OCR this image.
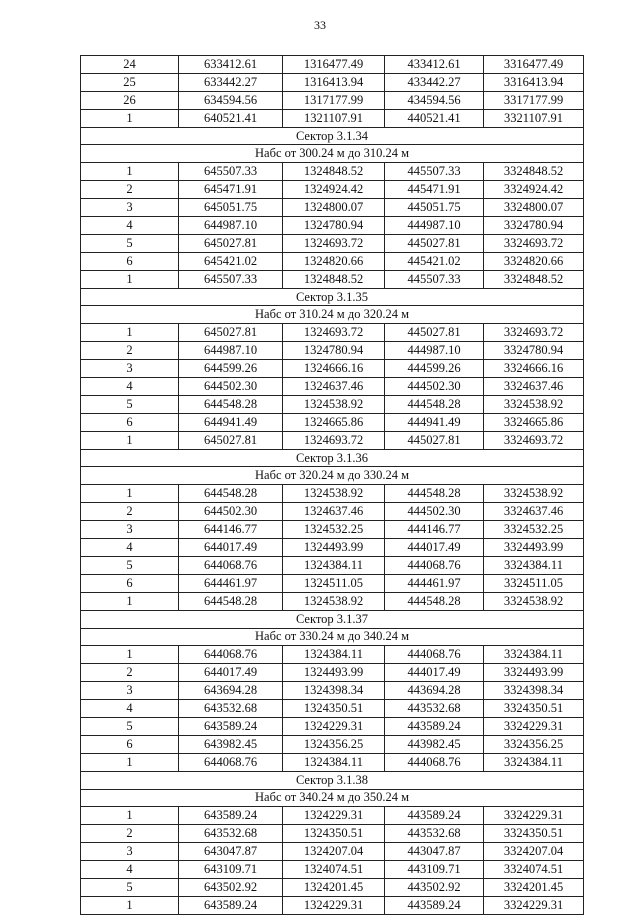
33
24	633412.61	1316477.49	433412.61	3316477.49
25	633442.27	1316413.94	433442.27	3316413.94
26	634594.56	1317177.99	434594.56	3317177.99
1	640521.41	1321107.91	440521.41	3321107.91
Сектор 3.1.34				
Набс от 300.24 м до 310.24 м				
1	645507.33	1324848.52	445507.33	3324848.52
2	645471.91	1324924.42	445471.91	3324924.42
3	645051.75	1324800.07	445051.75	3324800.07
4	644987.10	1324780.94	444987.10	3324780.94
5	645027.81	1324693.72	445027.81	3324693.72
6	645421.02	1324820.66	445421.02	3324820.66
1	645507.33	1324848.52	445507.33	3324848.52
Сектор 3.1.35				
Набс от 310.24 м до 320.24 м				
1	645027.81	1324693.72	445027.81	3324693.72
2	644987.10	1324780.94	444987.10	3324780.94
3	644599.26	1324666.16	444599.26	3324666.16
4	644502.30	1324637.46	444502.30	3324637.46
5	644548.28	1324538.92	444548.28	3324538.92
6	644941.49	1324665.86	444941.49	3324665.86
1	645027.81	1324693.72	445027.81	3324693.72
Сектор 3.1.36				
Набс от 320.24 м до 330.24 м				
1	644548.28	1324538.92	444548.28	3324538.92
2	644502.30	1324637.46	444502.30	3324637.46
3	644146.77	1324532.25	444146.77	3324532.25
4	644017.49	1324493.99	444017.49	3324493.99
5	644068.76	1324384.11	444068.76	3324384.11
6	644461.97	1324511.05	444461.97	3324511.05
1	644548.28	1324538.92	444548.28	3324538.92
Сектор 3.1.37				
Набс от 330.24 м до 340.24 м				
1	644068.76	1324384.11	444068.76	3324384.11
2	644017.49	1324493.99	444017.49	3324493.99
3	643694.28	1324398.34	443694.28	3324398.34
4	643532.68	1324350.51	443532.68	3324350.51
5	643589.24	1324229.31	443589.24	3324229.31
6	643982.45	1324356.25	443982.45	3324356.25
1	644068.76	1324384.11	444068.76	3324384.11
Сектор 3.1.38				
Набс от 340.24 м до 350.24 м				
1	643589.24	1324229.31	443589.24	3324229.31
2	643532.68	1324350.51	443532.68	3324350.51
3	643047.87	1324207.04	443047.87	3324207.04
4	643109.71	1324074.51	443109.71	3324074.51
5	643502.92	1324201.45	443502.92	3324201.45
1	643589.24	1324229.31	443589.24	3324229.31
